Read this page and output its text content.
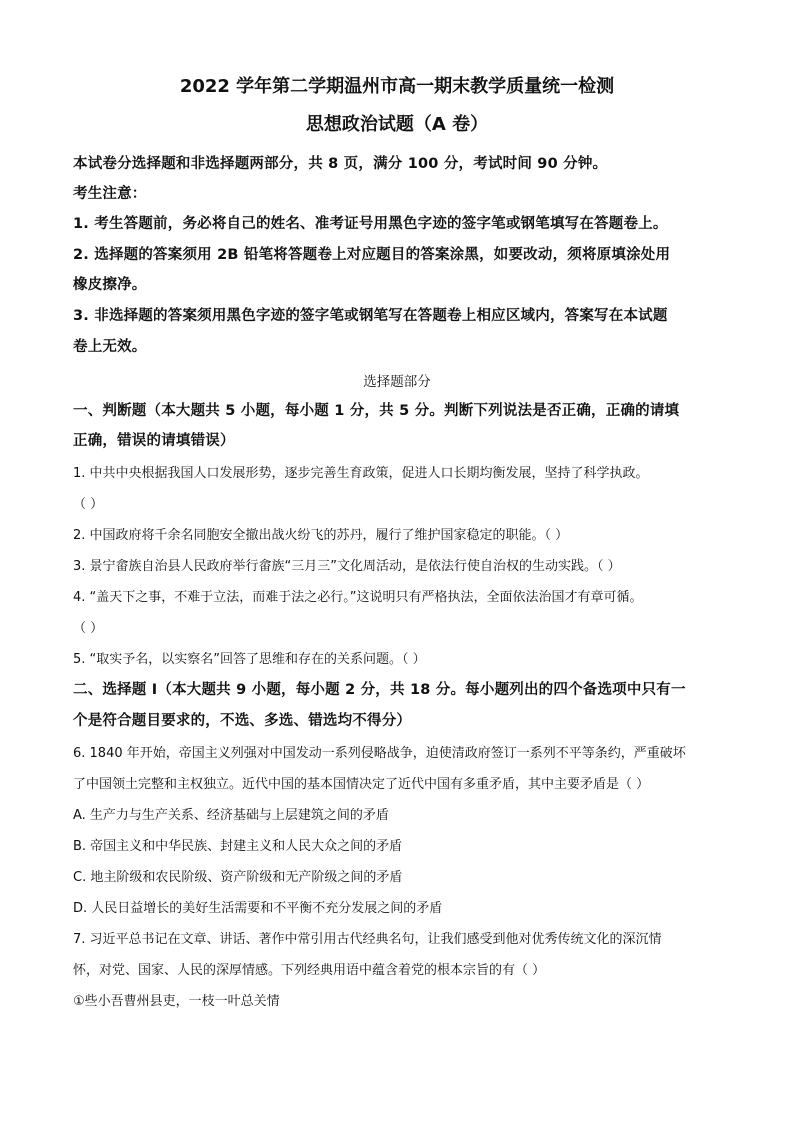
2022 学年第二学期温州市高一期末教学质量统一检测
思想政治试题（A 卷）
本试卷分选择题和非选择题两部分，共 8 页，满分 100 分，考试时间 90 分钟。
考生注意：
1. 考生答题前，务必将自己的姓名、准考证号用黑色字迹的签字笔或钢笔填写在答题卷上。
2. 选择题的答案须用 2B 铅笔将答题卷上对应题目的答案涂黑，如要改动，须将原填涂处用
橡皮擦净。
3. 非选择题的答案须用黑色字迹的签字笔或钢笔写在答题卷上相应区域内，答案写在本试题
卷上无效。
选择题部分
一、判断题（本大题共 5 小题，每小题 1 分，共 5 分。判断下列说法是否正确，正确的请填
正确，错误的请填错误）
1. 中共中央根据我国人口发展形势，逐步完善生育政策，促进人口长期均衡发展，坚持了科学执政。
（ ）
2. 中国政府将千余名同胞安全撤出战火纷飞的苏丹，履行了维护国家稳定的职能。（ ）
3. 景宁畲族自治县人民政府举行畲族“三月三”文化周活动，是依法行使自治权的生动实践。（ ）
4. “盖天下之事，不难于立法，而难于法之必行。”这说明只有严格执法，全面依法治国才有章可循。
（ ）
5. “取实予名，以实察名”回答了思维和存在的关系问题。（ ）
二、选择题 I（本大题共 9 小题，每小题 2 分，共 18 分。每小题列出的四个备选项中只有一
个是符合题目要求的，不选、多选、错选均不得分）
6. 1840 年开始，帝国主义列强对中国发动一系列侵略战争，迫使清政府签订一系列不平等条约，严重破坏
了中国领土完整和主权独立。近代中国的基本国情决定了近代中国有多重矛盾，其中主要矛盾是（ ）
A. 生产力与生产关系、经济基础与上层建筑之间的矛盾
B. 帝国主义和中华民族、封建主义和人民大众之间的矛盾
C. 地主阶级和农民阶级、资产阶级和无产阶级之间的矛盾
D. 人民日益增长的美好生活需要和不平衡不充分发展之间的矛盾
7. 习近平总书记在文章、讲话、著作中常引用古代经典名句，让我们感受到他对优秀传统文化的深沉情
怀，对党、国家、人民的深厚情感。下列经典用语中蕴含着党的根本宗旨的有（ ）
①些小吾曹州县吏，一枝一叶总关情
